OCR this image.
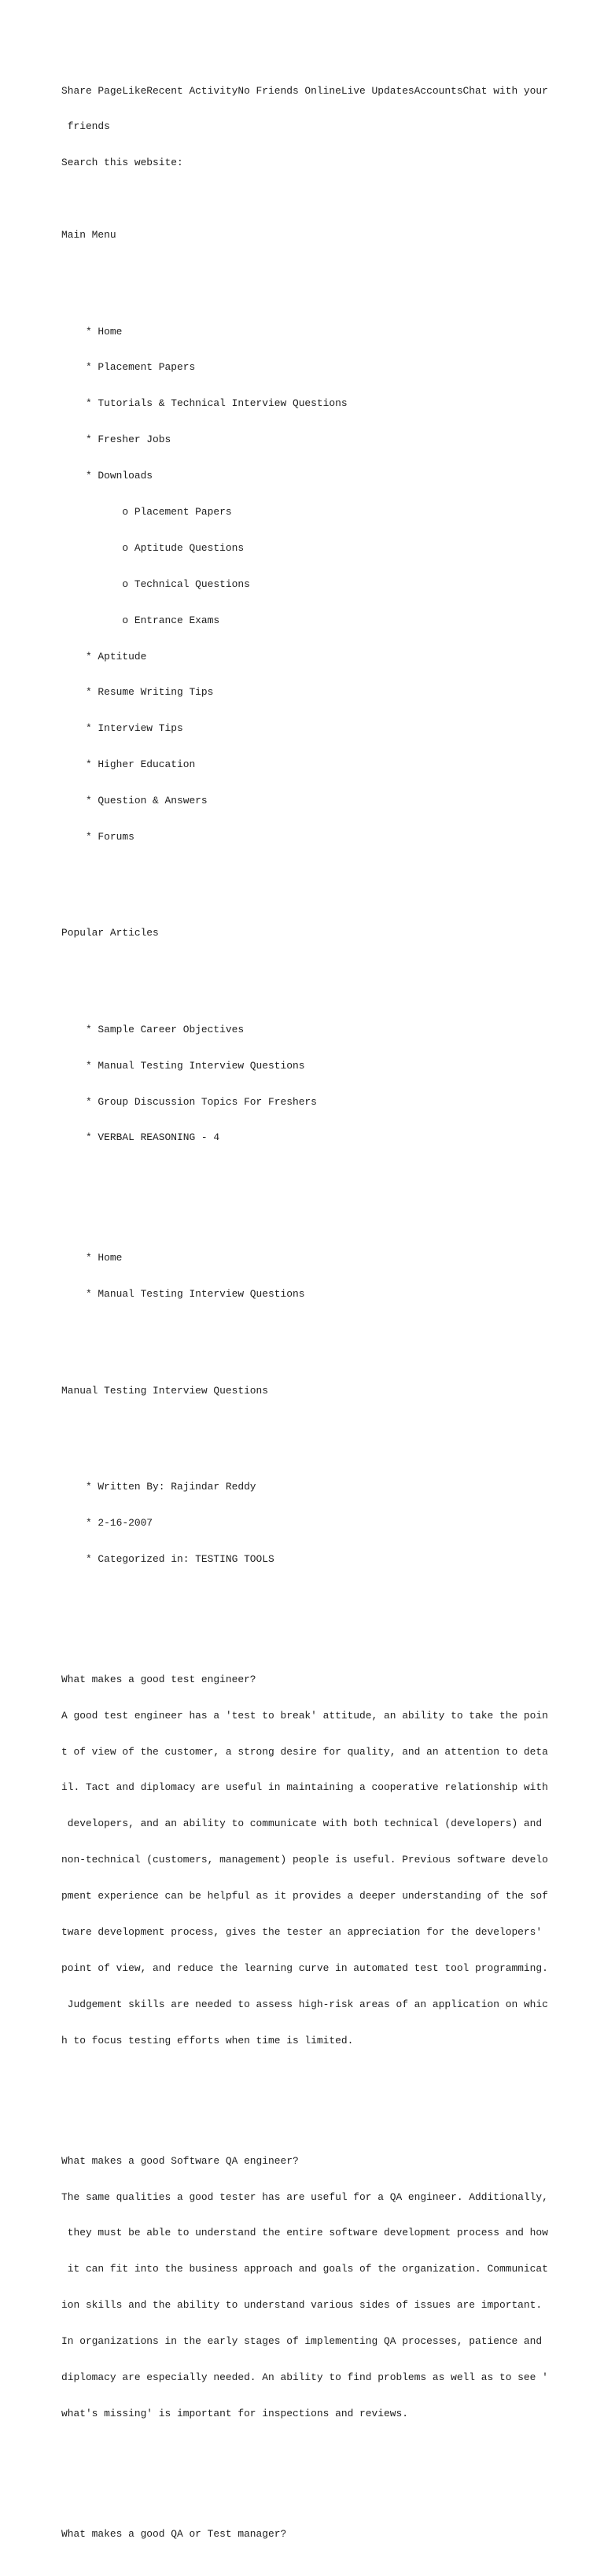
Share PageLikeRecent ActivityNo Friends OnlineLive UpdatesAccountsChat with your

friends

Search this website:

Main Menu

* Home

* Placement Papers

* Tutorials & Technical Interview Questions

* Fresher Jobs

* Downloads

o Placement Papers

o Aptitude Questions

o Technical Questions

o Entrance Exams

* Aptitude

* Resume Writing Tips

* Interview Tips

* Higher Education

* Question & Answers

* Forums

Popular Articles

* Sample Career Objectives

* Manual Testing Interview Questions

* Group Discussion Topics For Freshers

* VERBAL REASONING - 4

* Home

* Manual Testing Interview Questions

Manual Testing Interview Questions

* Written By: Rajindar Reddy

* 2-16-2007

* Categorized in: TESTING TOOLS

What makes a good test engineer?

A good test engineer has a 'test to break' attitude, an ability to take the poin

t of view of the customer, a strong desire for quality, and an attention to deta

il. Tact and diplomacy are useful in maintaining a cooperative relationship with

developers, and an ability to communicate with both technical (developers) and

non-technical (customers, management) people is useful. Previous software develo

pment experience can be helpful as it provides a deeper understanding of the sof

tware development process, gives the tester an appreciation for the developers'

point of view, and reduce the learning curve in automated test tool programming.

Judgement skills are needed to assess high-risk areas of an application on whic

h to focus testing efforts when time is limited.

What makes a good Software QA engineer?

The same qualities a good tester has are useful for a QA engineer. Additionally,

they must be able to understand the entire software development process and how

it can fit into the business approach and goals of the organization. Communicat

ion skills and the ability to understand various sides of issues are important.

In organizations in the early stages of implementing QA processes, patience and

diplomacy are especially needed. An ability to find problems as well as to see '

what's missing' is important for inspections and reviews.

What makes a good QA or Test manager?
